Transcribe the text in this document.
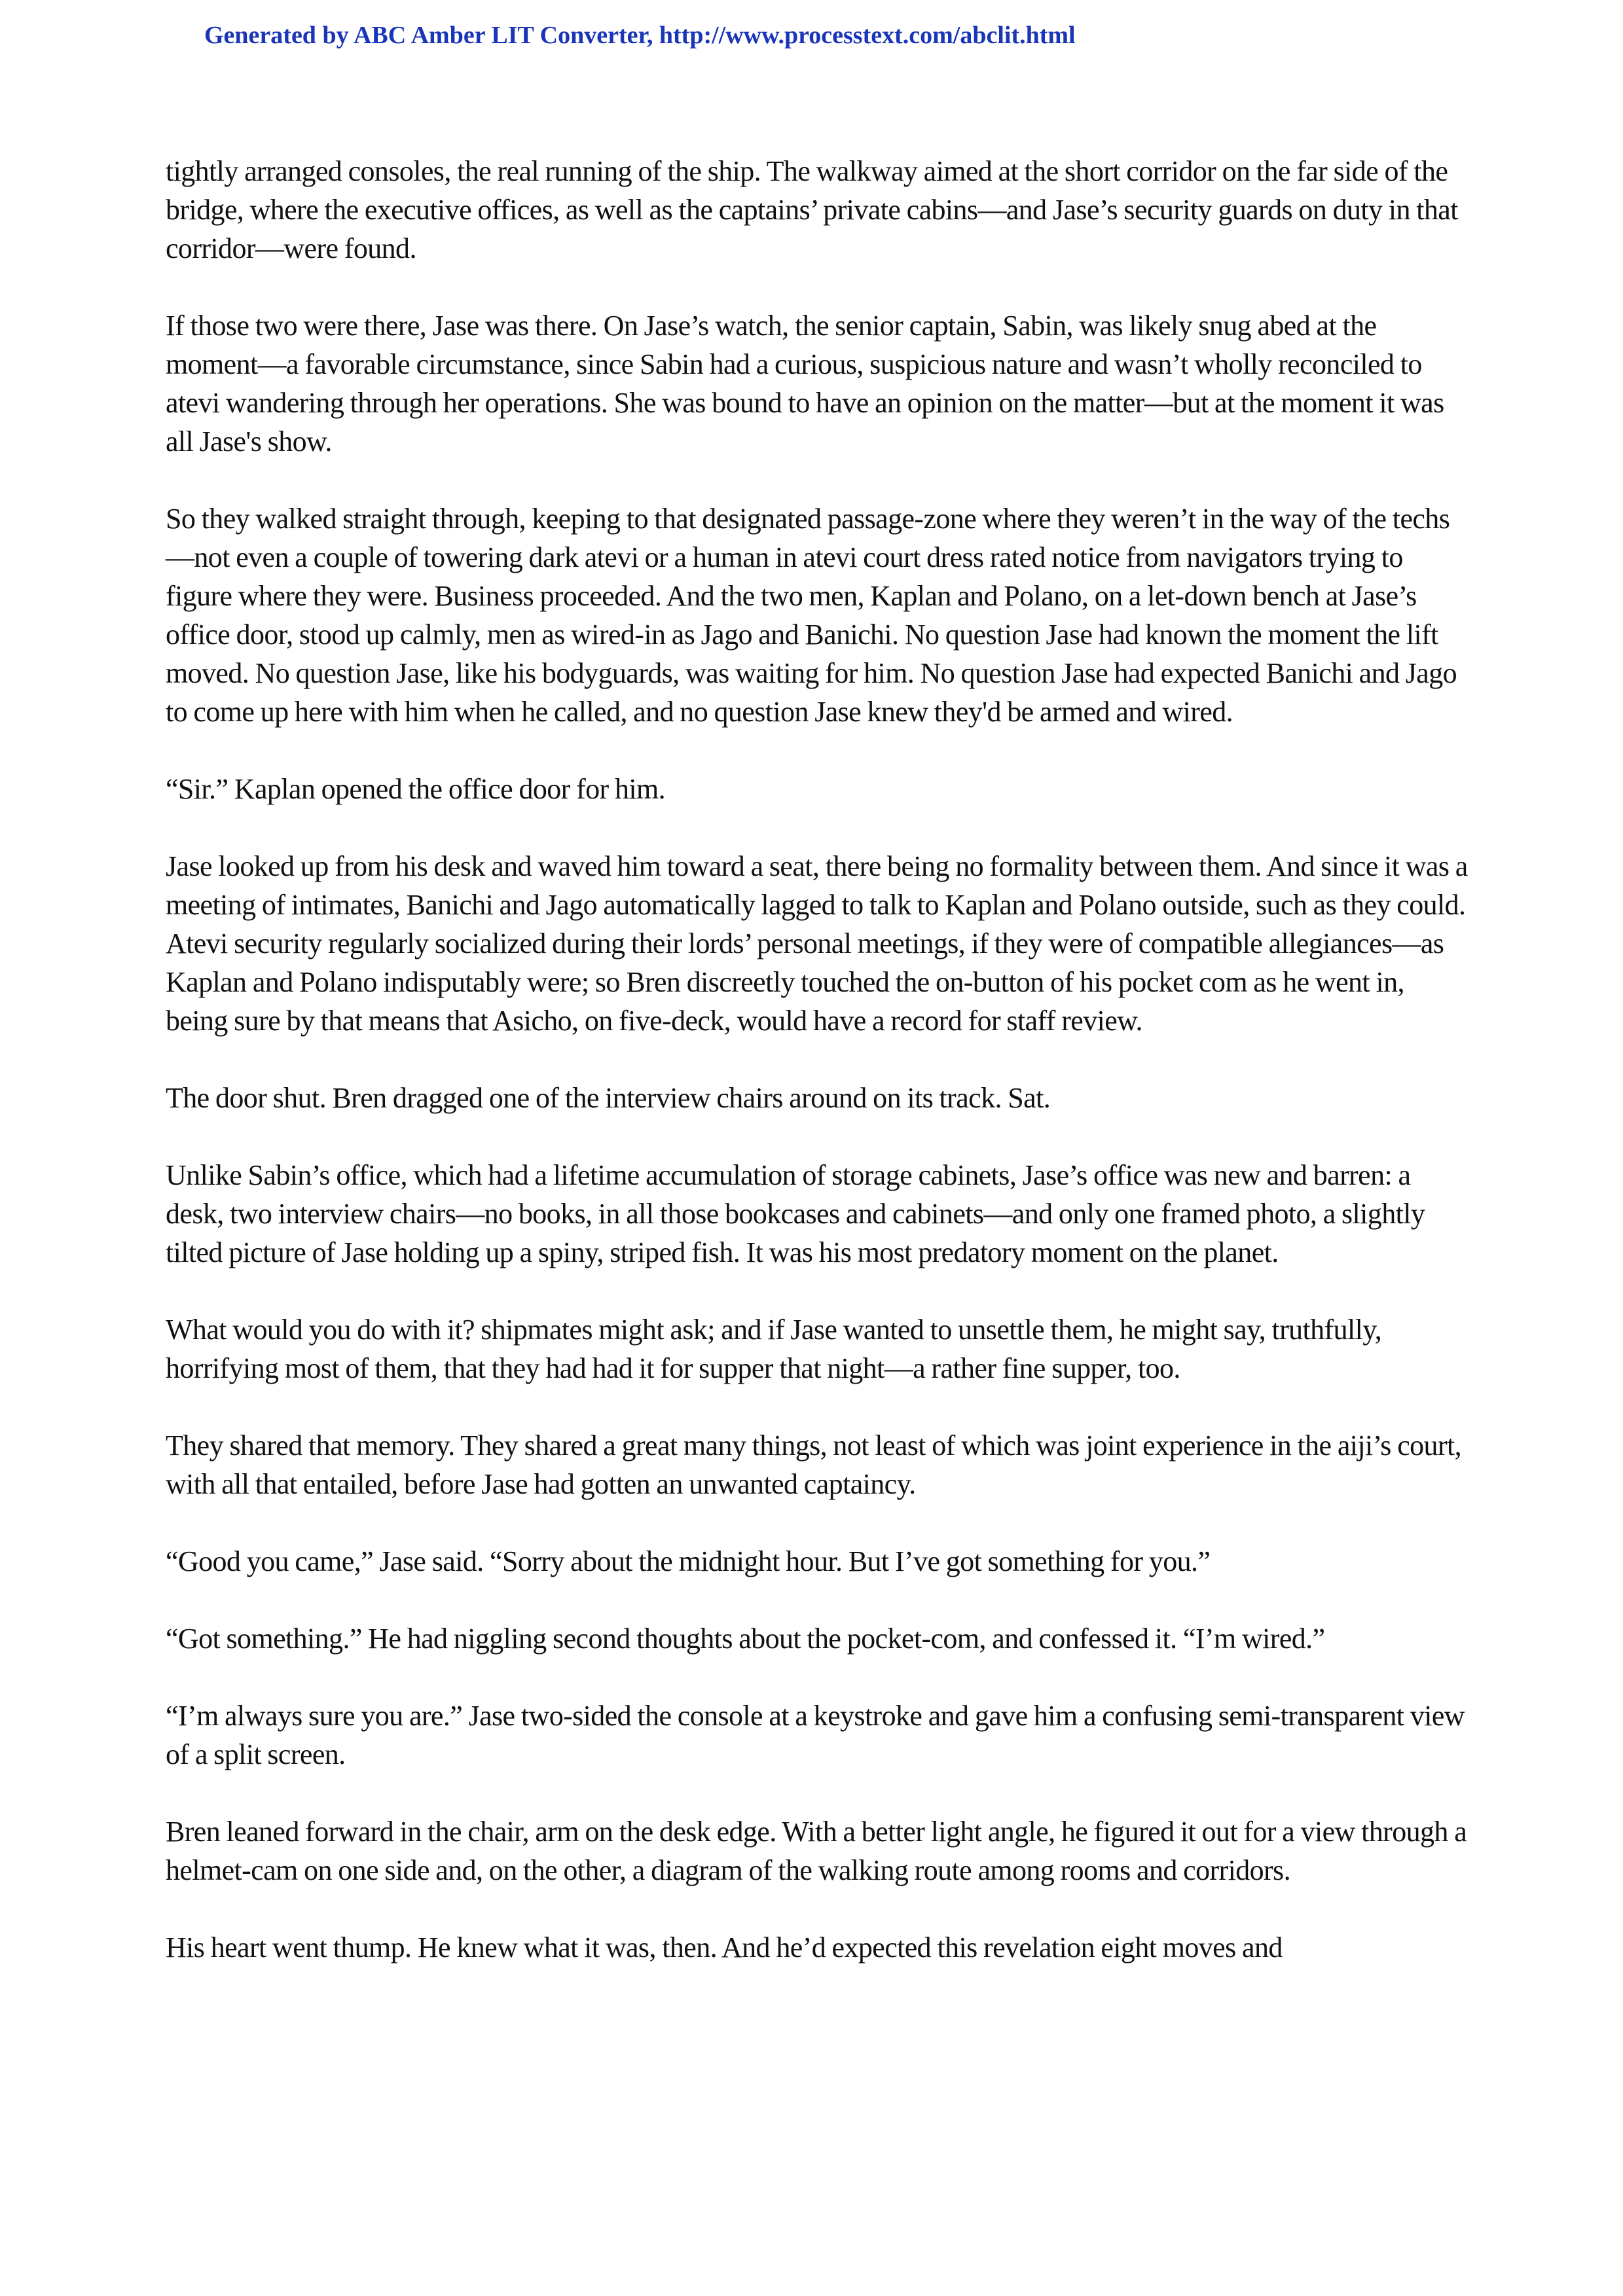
Generated by ABC Amber LIT Converter, http://www.processtext.com/abclit.html

tightly arranged consoles, the real running of the ship. The walkway aimed at the short corridor on the far side of the bridge, where the executive offices, as well as the captains’ private cabins—and Jase’s security guards on duty in that corridor—were found.

If those two were there, Jase was there. On Jase’s watch, the senior captain, Sabin, was likely snug abed at the moment—a favorable circumstance, since Sabin had a curious, suspicious nature and wasn’t wholly reconciled to atevi wandering through her operations. She was bound to have an opinion on the matter—but at the moment it was all Jase's show.

So they walked straight through, keeping to that designated passage-zone where they weren’t in the way of the techs—not even a couple of towering dark atevi or a human in atevi court dress rated notice from navigators trying to figure where they were. Business proceeded. And the two men, Kaplan and Polano, on a let-down bench at Jase’s office door, stood up calmly, men as wired-in as Jago and Banichi. No question Jase had known the moment the lift moved. No question Jase, like his bodyguards, was waiting for him. No question Jase had expected Banichi and Jago to come up here with him when he called, and no question Jase knew they'd be armed and wired.

“Sir.” Kaplan opened the office door for him.

Jase looked up from his desk and waved him toward a seat, there being no formality between them. And since it was a meeting of intimates, Banichi and Jago automatically lagged to talk to Kaplan and Polano outside, such as they could. Atevi security regularly socialized during their lords’ personal meetings, if they were of compatible allegiances—as Kaplan and Polano indisputably were; so Bren discreetly touched the on-button of his pocket com as he went in, being sure by that means that Asicho, on five-deck, would have a record for staff review.

The door shut. Bren dragged one of the interview chairs around on its track. Sat.

Unlike Sabin’s office, which had a lifetime accumulation of storage cabinets, Jase’s office was new and barren: a desk, two interview chairs—no books, in all those bookcases and cabinets—and only one framed photo, a slightly tilted picture of Jase holding up a spiny, striped fish. It was his most predatory moment on the planet.

What would you do with it? shipmates might ask; and if Jase wanted to unsettle them, he might say, truthfully, horrifying most of them, that they had had it for supper that night—a rather fine supper, too.

They shared that memory. They shared a great many things, not least of which was joint experience in the aiji’s court, with all that entailed, before Jase had gotten an unwanted captaincy.

“Good you came,” Jase said. “Sorry about the midnight hour. But I’ve got something for you.”

“Got something.” He had niggling second thoughts about the pocket-com, and confessed it. “I’m wired.”

“I’m always sure you are.” Jase two-sided the console at a keystroke and gave him a confusing semi-transparent view of a split screen.

Bren leaned forward in the chair, arm on the desk edge. With a better light angle, he figured it out for a view through a helmet-cam on one side and, on the other, a diagram of the walking route among rooms and corridors.

His heart went thump. He knew what it was, then. And he’d expected this revelation eight moves and
